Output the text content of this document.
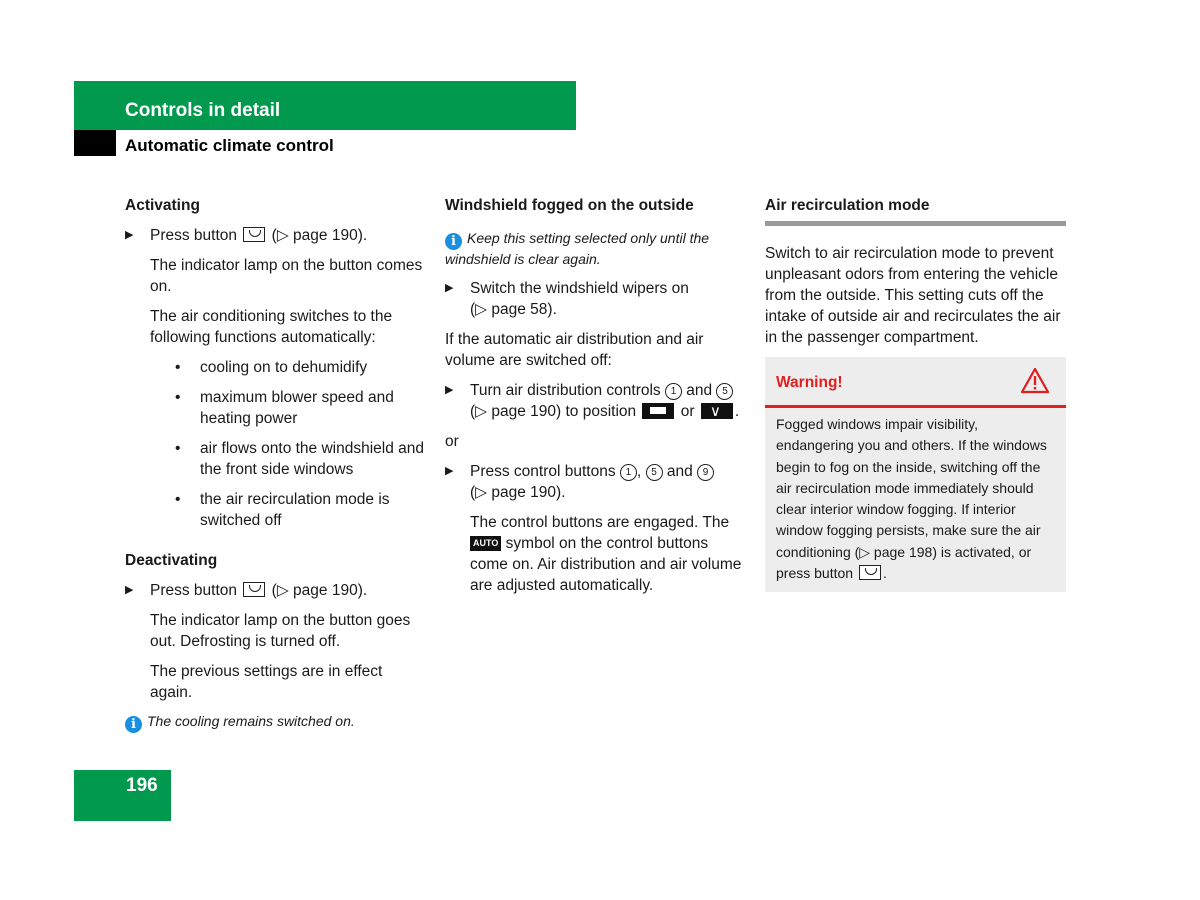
Controls in detail
Automatic climate control
Activating
▶ Press button (▷ page 190).

The indicator lamp on the button comes on.

The air conditioning switches to the following functions automatically:

• cooling on to dehumidify
• maximum blower speed and heating power
• air flows onto the windshield and the front side windows
• the air recirculation mode is switched off
Deactivating
▶ Press button (▷ page 190).

The indicator lamp on the button goes out. Defrosting is turned off.

The previous settings are in effect again.

i The cooling remains switched on.

Windshield fogged on the outside

i Keep this setting selected only until the windshield is clear again.

▶ Switch the windshield wipers on
(▷ page 58).

If the automatic air distribution and air volume are switched off:

▶ Turn air distribution controls 1 and 5
(▷ page 190) to position	or ∨	.

or

▶ Press control buttons 1 , 5 and 9
(▷ page 190).

The control buttons are engaged. The AUTO symbol on the control buttons come on. Air distribution and air volume are adjusted automatically.

Air recirculation mode

Switch to air recirculation mode to prevent unpleasant odors from entering the vehicle from the outside. This setting cuts off the intake of outside air and recirculates the air in the passenger compartment.

Warning!
Fogged windows impair visibility, endangering you and others. If the windows begin to fog on the inside, switching off the air recirculation mode immediately should clear interior window fogging. If interior window fogging persists, make sure the air conditioning (▷ page 198) is activated, or press button .
196
